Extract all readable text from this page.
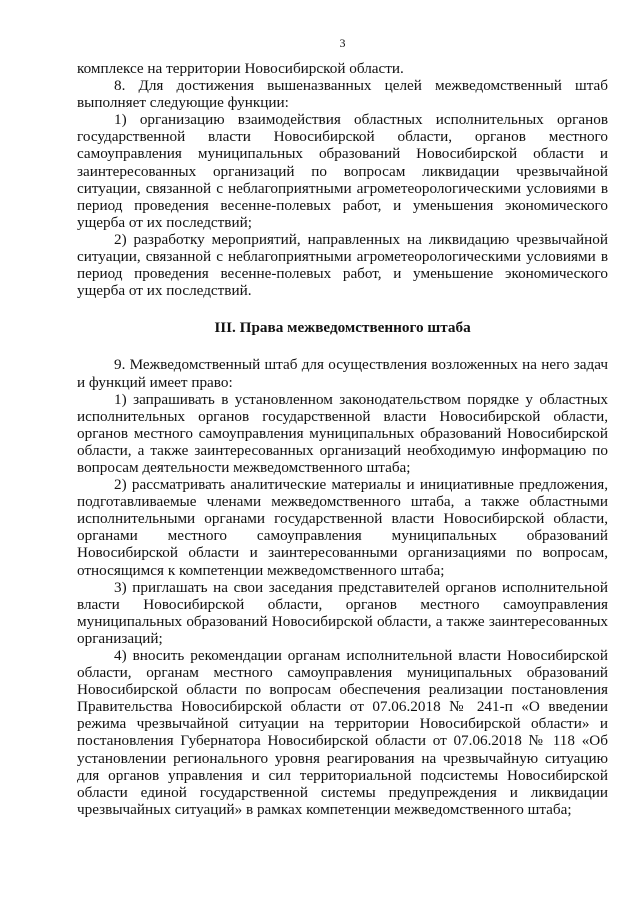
3

комплексе на территории Новосибирской области.

8. Для достижения вышеназванных целей межведомственный штаб выполняет следующие функции:

1) организацию взаимодействия областных исполнительных органов государственной власти Новосибирской области, органов местного самоуправления муниципальных образований Новосибирской области и заинтересованных организаций по вопросам ликвидации чрезвычайной ситуации, связанной с неблагоприятными агрометеорологическими условиями в период проведения весенне-полевых работ, и уменьшения экономического ущерба от их последствий;

2) разработку мероприятий, направленных на ликвидацию чрезвычайной ситуации, связанной с неблагоприятными агрометеорологическими условиями в период проведения весенне-полевых работ, и уменьшение экономического ущерба от их последствий.

III. Права межведомственного штаба

9. Межведомственный штаб для осуществления возложенных на него задач и функций имеет право:

1) запрашивать в установленном законодательством порядке у областных исполнительных органов государственной власти Новосибирской области, органов местного самоуправления муниципальных образований Новосибирской области, а также заинтересованных организаций необходимую информацию по вопросам деятельности межведомственного штаба;

2) рассматривать аналитические материалы и инициативные предложения, подготавливаемые членами межведомственного штаба, а также областными исполнительными органами государственной власти Новосибирской области, органами местного самоуправления муниципальных образований Новосибирской области и заинтересованными организациями по вопросам, относящимся к компетенции межведомственного штаба;

3) приглашать на свои заседания представителей органов исполнительной власти Новосибирской области, органов местного самоуправления муниципальных образований Новосибирской области, а также заинтересованных организаций;

4) вносить рекомендации органам исполнительной власти Новосибирской области, органам местного самоуправления муниципальных образований Новосибирской области по вопросам обеспечения реализации постановления Правительства Новосибирской области от 07.06.2018 № 241-п «О введении режима чрезвычайной ситуации на территории Новосибирской области» и постановления Губернатора Новосибирской области от 07.06.2018 № 118 «Об установлении регионального уровня реагирования на чрезвычайную ситуацию для органов управления и сил территориальной подсистемы Новосибирской области единой государственной системы предупреждения и ликвидации чрезвычайных ситуаций» в рамках компетенции межведомственного штаба;
